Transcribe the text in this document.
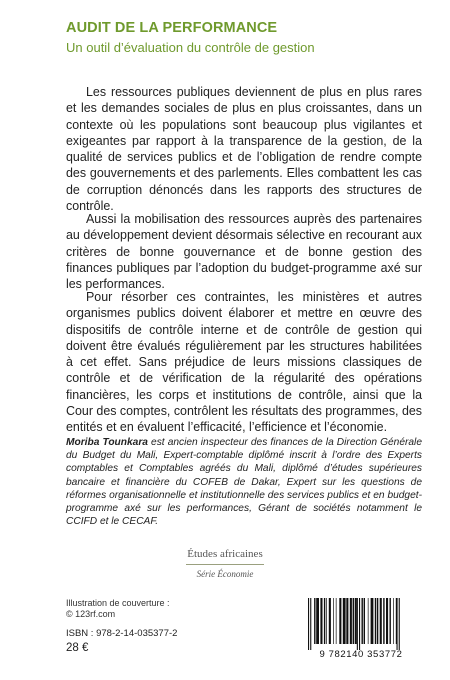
AUDIT DE LA PERFORMANCE
Un outil d’évaluation du contrôle de gestion

Les ressources publiques deviennent de plus en plus rares et les demandes sociales de plus en plus croissantes, dans un contexte où les populations sont beaucoup plus vigilantes et exigeantes par rapport à la transparence de la gestion, de la qualité de services publics et de l’obligation de rendre compte des gouvernements et des parlements. Elles combattent les cas de corruption dénoncés dans les rapports des structures de contrôle.

Aussi la mobilisation des ressources auprès des partenaires au développement devient désormais sélective en recourant aux critères de bonne gouvernance et de bonne gestion des finances publiques par l’adoption du budget-programme axé sur les performances.

Pour résorber ces contraintes, les ministères et autres organismes publics doivent élaborer et mettre en œuvre des dispositifs de contrôle interne et de contrôle de gestion qui doivent être évalués régulièrement par les structures habilitées à cet effet. Sans préjudice de leurs missions classiques de contrôle et de vérification de la régularité des opérations financières, les corps et institutions de contrôle, ainsi que la Cour des comptes, contrôlent les résultats des programmes, des entités et en évaluent l’efficacité, l’efficience et l’économie.

Moriba Tounkara est ancien inspecteur des finances de la Direction Générale du Budget du Mali, Expert-comptable diplômé inscrit à l’ordre des Experts comptables et Comptables agréés du Mali, diplômé d’études supérieures bancaire et financière du COFEB de Dakar, Expert sur les questions de réformes organisationnelle et institutionnelle des services publics et en budget-programme axé sur les performances, Gérant de sociétés notamment le CCIFD et le CECAF.

Études africaines
Série Économie
Illustration de couverture :
© 123rf.com
ISBN : 978-2-14-035377-2
28 €
9 782140 353772
